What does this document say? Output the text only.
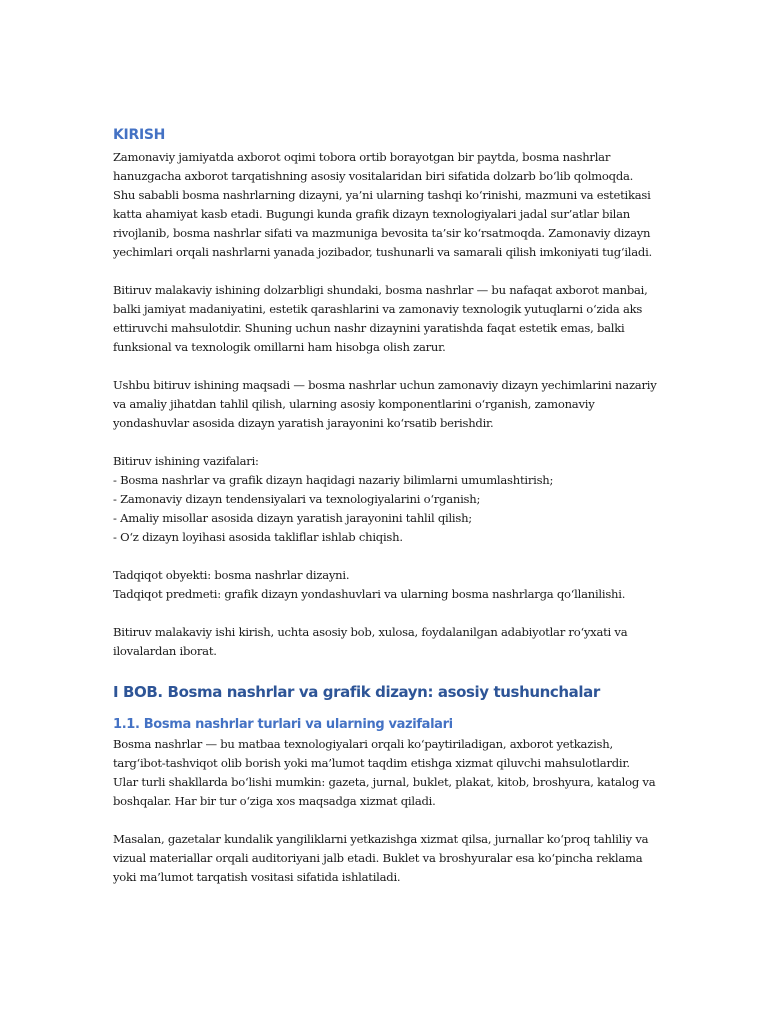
KIRISH

Zamonaviy jamiyatda axborot oqimi tobora ortib borayotgan bir paytda, bosma nashrlar hanuzgacha axborot tarqatishning asosiy vositalaridan biri sifatida dolzarb bo‘lib qolmoqda. Shu sababli bosma nashrlarning dizayni, ya’ni ularning tashqi ko‘rinishi, mazmuni va estetikasi katta ahamiyat kasb etadi. Bugungi kunda grafik dizayn texnologiyalari jadal sur’atlar bilan rivojlanib, bosma nashrlar sifati va mazmuniga bevosita ta’sir ko‘rsatmoqda. Zamonaviy dizayn yechimlari orqali nashrlarni yanada jozibador, tushunarli va samarali qilish imkoniyati tug‘iladi.

Bitiruv malakaviy ishining dolzarbligi shundaki, bosma nashrlar — bu nafaqat axborot manbai, balki jamiyat madaniyatini, estetik qarashlarini va zamonaviy texnologik yutuqlarni o‘zida aks ettiruvchi mahsulotdir. Shuning uchun nashr dizaynini yaratishda faqat estetik emas, balki funksional va texnologik omillarni ham hisobga olish zarur.

Ushbu bitiruv ishining maqsadi — bosma nashrlar uchun zamonaviy dizayn yechimlarini nazariy va amaliy jihatdan tahlil qilish, ularning asosiy komponentlarini o‘rganish, zamonaviy yondashuvlar asosida dizayn yaratish jarayonini ko‘rsatib berishdir.

Bitiruv ishining vazifalari:
- Bosma nashrlar va grafik dizayn haqidagi nazariy bilimlarni umumlashtirish;
- Zamonaviy dizayn tendensiyalari va texnologiyalarini o‘rganish;
- Amaliy misollar asosida dizayn yaratish jarayonini tahlil qilish;
- O‘z dizayn loyihasi asosida takliflar ishlab chiqish.
Tadqiqot obyekti: bosma nashrlar dizayni.
Tadqiqot predmeti: grafik dizayn yondashuvlari va ularning bosma nashrlarga qo‘llanilishi.

Bitiruv malakaviy ishi kirish, uchta asosiy bob, xulosa, foydalanilgan adabiyotlar ro‘yxati va ilovalardan iborat.

I BOB. Bosma nashrlar va grafik dizayn: asosiy tushunchalar
1.1. Bosma nashrlar turlari va ularning vazifalari

Bosma nashrlar — bu matbaa texnologiyalari orqali ko‘paytiriladigan, axborot yetkazish, targ‘ibot-tashviqot olib borish yoki ma’lumot taqdim etishga xizmat qiluvchi mahsulotlardir. Ular turli shakllarda bo‘lishi mumkin: gazeta, jurnal, buklet, plakat, kitob, broshyura, katalog va boshqalar. Har bir tur o‘ziga xos maqsadga xizmat qiladi.

Masalan, gazetalar kundalik yangiliklarni yetkazishga xizmat qilsa, jurnallar ko‘proq tahliliy va vizual materiallar orqali auditoriyani jalb etadi. Buklet va broshyuralar esa ko‘pincha reklama yoki ma’lumot tarqatish vositasi sifatida ishlatiladi.
